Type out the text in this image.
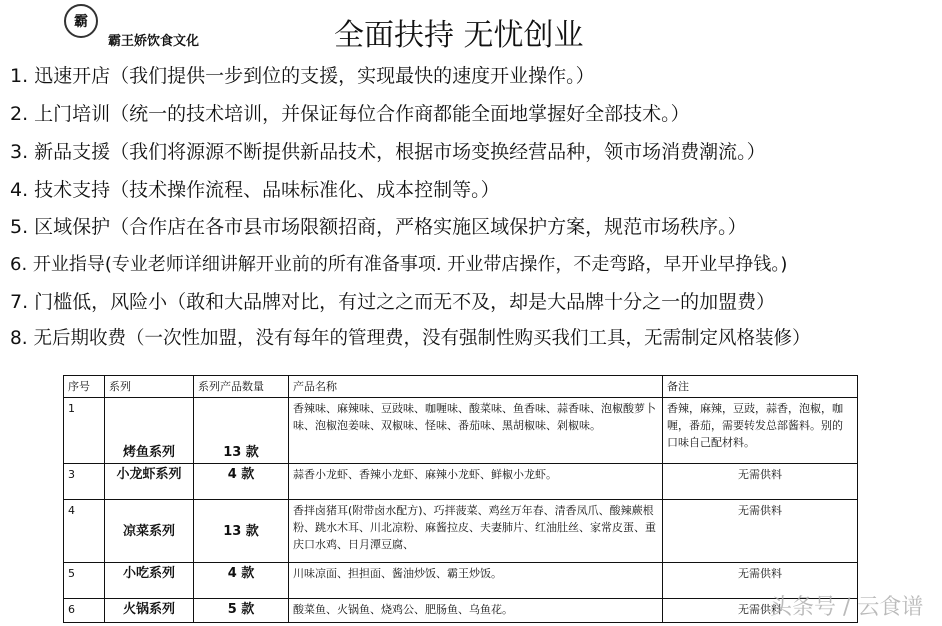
霸
霸王娇饮食文化	全面扶持 无忧创业
1. 迅速开店（我们提供一步到位的支援，实现最快的速度开业操作。）
2. 上门培训（统一的技术培训，并保证每位合作商都能全面地掌握好全部技术。）
3. 新品支援（我们将源源不断提供新品技术，根据市场变换经营品种，领市场消费潮流。）
4. 技术支持（技术操作流程、品味标准化、成本控制等。）
5. 区域保护（合作店在各市县市场限额招商，严格实施区域保护方案，规范市场秩序。）
6. 开业指导(专业老师详细讲解开业前的所有准备事项. 开业带店操作，不走弯路，早开业早挣钱。)
7. 门槛低，风险小（敢和大品牌对比，有过之之而无不及，却是大品牌十分之一的加盟费）
8. 无后期收费（一次性加盟，没有每年的管理费，没有强制性购买我们工具，无需制定风格装修）
序号	系列	系列产品数量	产品名称	备注
1	烤鱼系列	13 款	香辣味、麻辣味、豆豉味、咖喱味、酸菜味、鱼香味、蒜香味、泡椒酸萝卜味、泡椒泡姜味、双椒味、怪味、番茄味、黑胡椒味、剁椒味。	香辣，麻辣，豆豉，蒜香，泡椒，咖喱，番茄，需要转发总部酱料。别的口味自己配材料。
3	小龙虾系列	4 款	蒜香小龙虾、香辣小龙虾、麻辣小龙虾、鲜椒小龙虾。	无需供料
4	凉菜系列	13 款	香拌卤猪耳(附带卤水配方)、巧拌菠菜、鸡丝万年春、清香凤爪、酸辣蕨根粉、跳水木耳、川北凉粉、麻酱拉皮、夫妻肺片、红油肚丝、家常皮蛋、重庆口水鸡、日月潭豆腐、	无需供料
5	小吃系列	4 款	川味凉面、担担面、酱油炒饭、霸王炒饭。	无需供料
6	火锅系列	5 款	酸菜鱼、火锅鱼、烧鸡公、肥肠鱼、乌鱼花。	无需供料
头条号 / 云食谱
